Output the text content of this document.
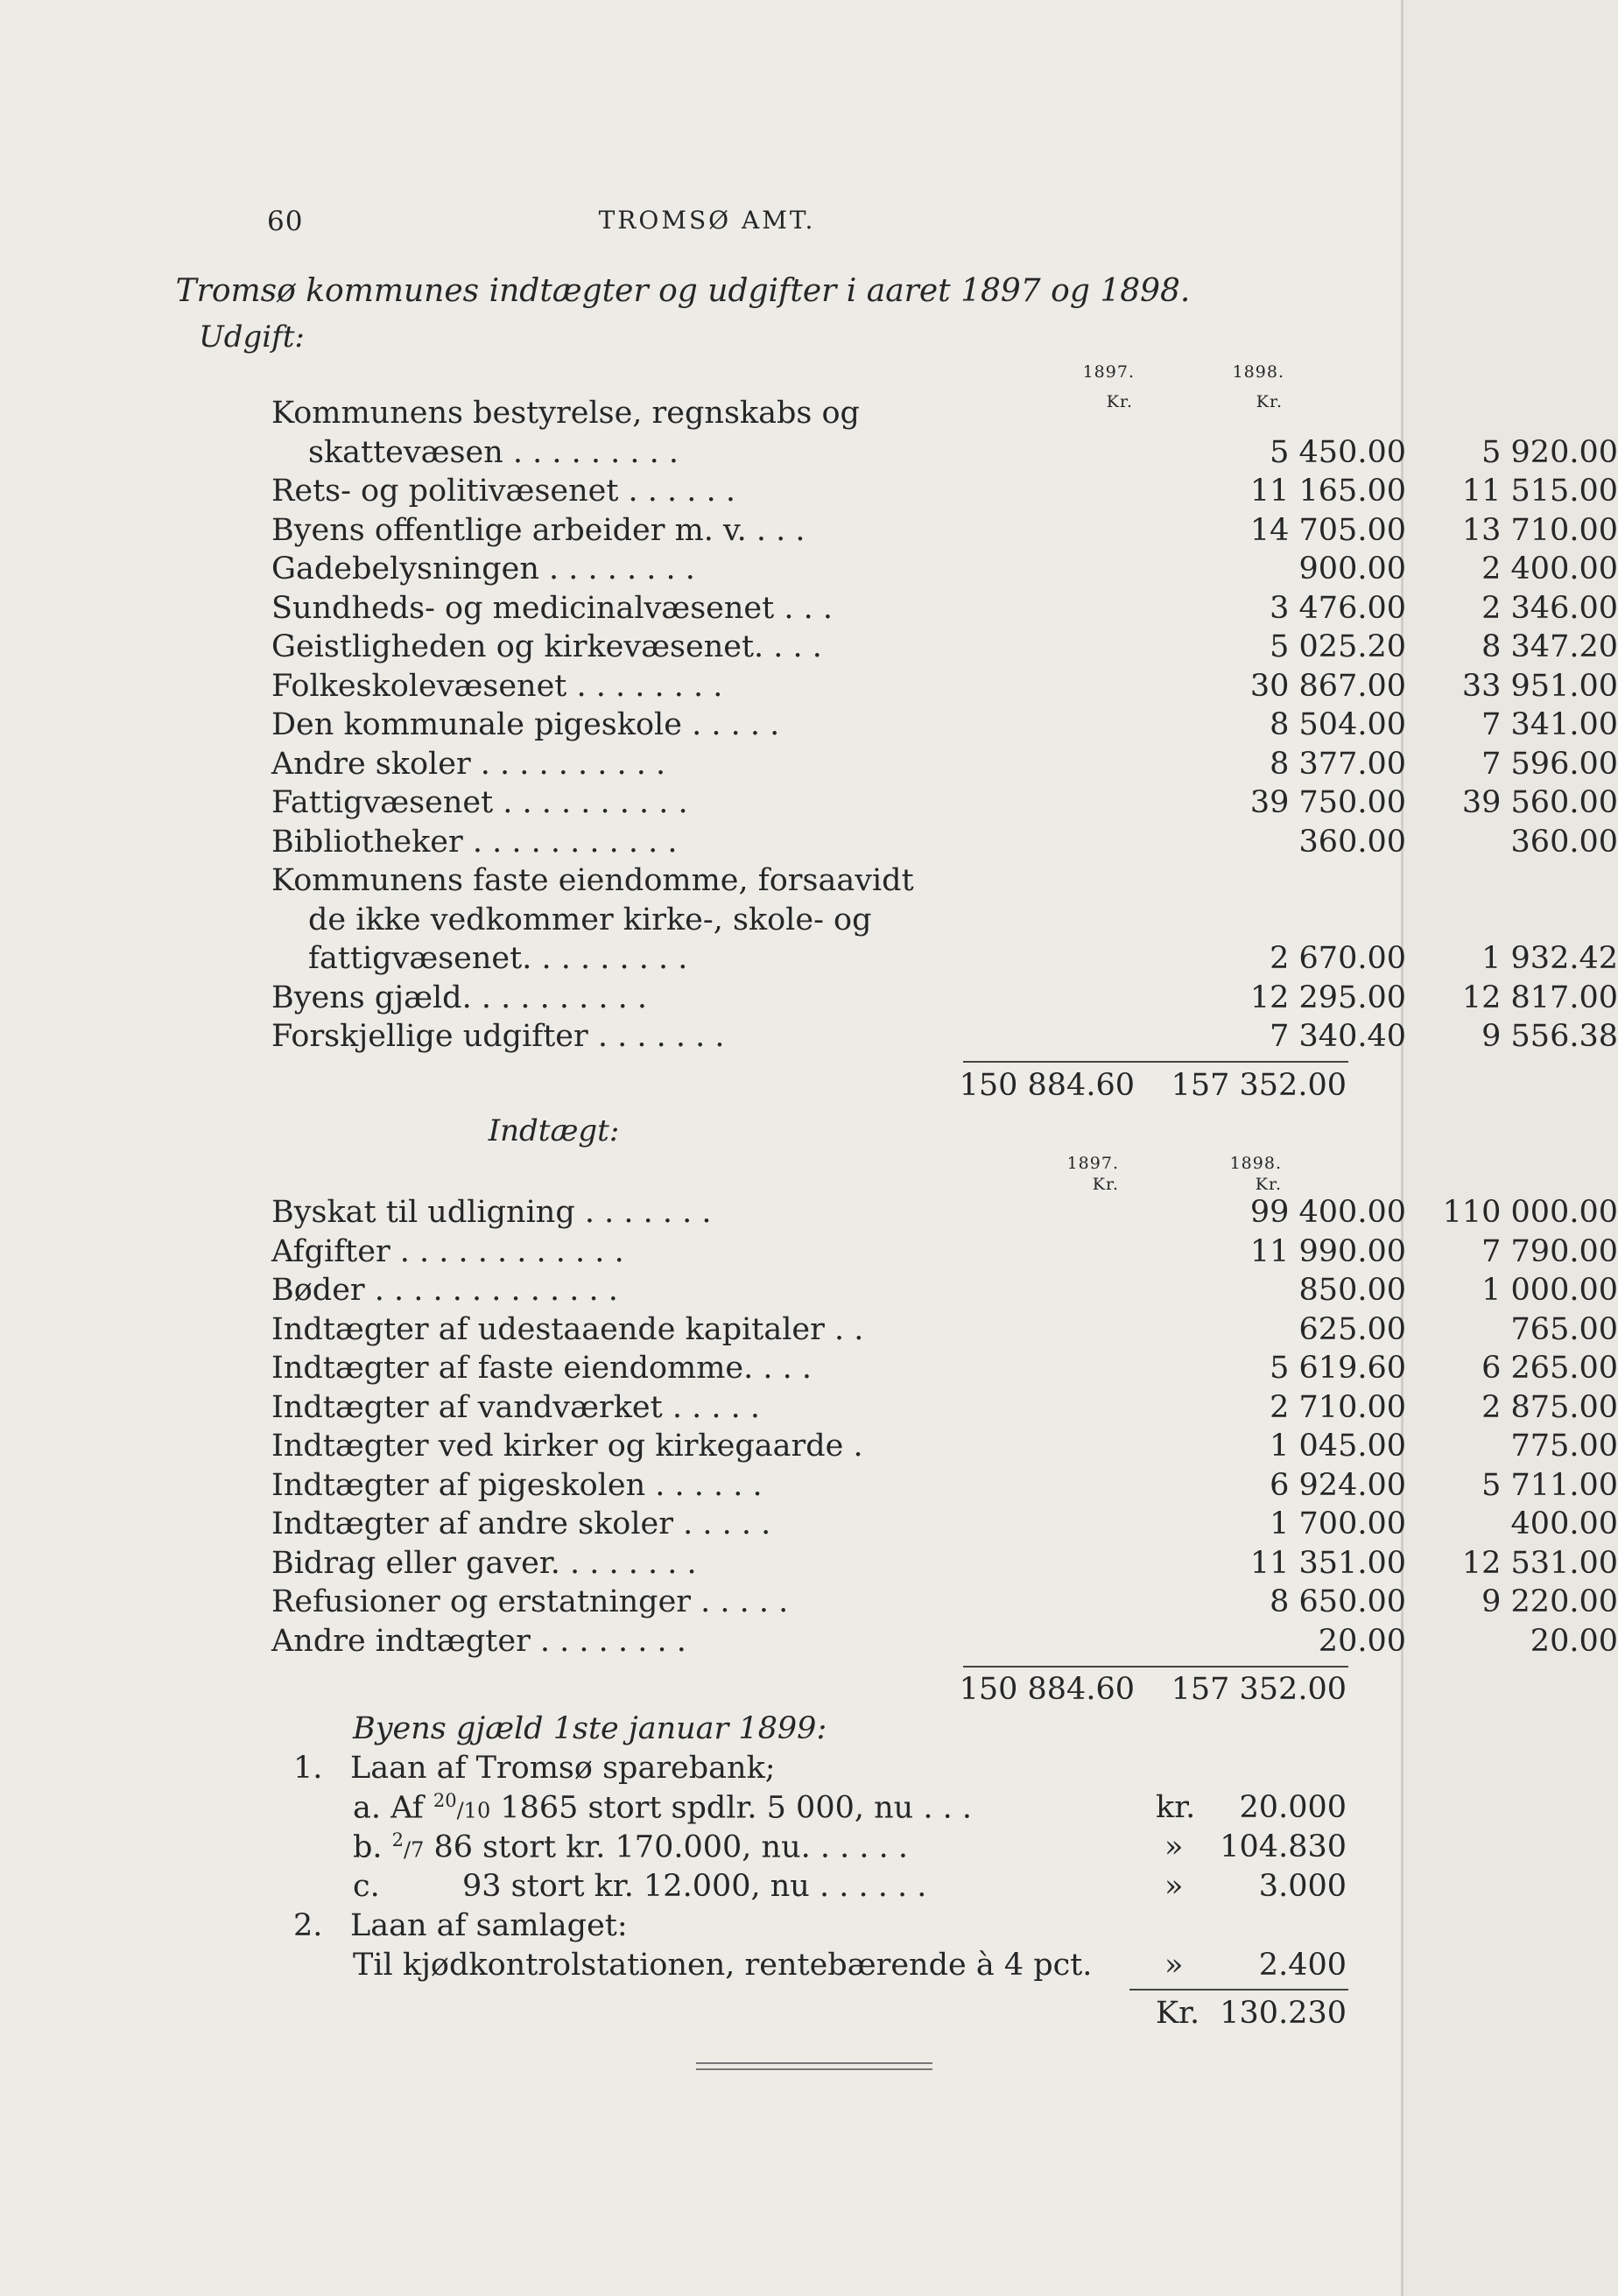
60	TROMSØ AMT.
Tromsø kommunes indtægter og udgifter i aaret 1897 og 1898.
Udgift:
1897.	1898.
Kr.	Kr.
Kommunens bestyrelse, regnskabs og
skattevæsen . . . . . . . . .	5 450.00	5 920.00
Rets- og politivæsenet . . . . . .	11 165.00	11 515.00
Byens offentlige arbeider m. v. . . .	14 705.00	13 710.00
Gadebelysningen . . . . . . . .	900.00	2 400.00
Sundheds- og medicinalvæsenet . . .	3 476.00	2 346.00
Geistligheden og kirkevæsenet. . . .	5 025.20	8 347.20
Folkeskolevæsenet . . . . . . . .	30 867.00	33 951.00
Den kommunale pigeskole . . . . .	8 504.00	7 341.00
Andre skoler . . . . . . . . . .	8 377.00	7 596.00
Fattigvæsenet . . . . . . . . . .	39 750.00	39 560.00
Bibliotheker . . . . . . . . . . .	360.00	360.00
Kommunens faste eiendomme, forsaavidt
de ikke vedkommer kirke-, skole- og
fattigvæsenet. . . . . . . . .	2 670.00	1 932.42
Byens gjæld. . . . . . . . . .	12 295.00	12 817.00
Forskjellige udgifter . . . . . . .	7 340.40	9 556.38
150 884.60	157 352.00
Indtægt:
1897.	1898.
Kr.	Kr.
Byskat til udligning . . . . . . .	99 400.00	110 000.00
Afgifter . . . . . . . . . . . .	11 990.00	7 790.00
Bøder . . . . . . . . . . . . .	850.00	1 000.00
Indtægter af udestaaende kapitaler . .	625.00	765.00
Indtægter af faste eiendomme. . . .	5 619.60	6 265.00
Indtægter af vandværket . . . . .	2 710.00	2 875.00
Indtægter ved kirker og kirkegaarde .	1 045.00	775.00
Indtægter af pigeskolen . . . . . .	6 924.00	5 711.00
Indtægter af andre skoler . . . . .	1 700.00	400.00
Bidrag eller gaver. . . . . . . .	11 351.00	12 531.00
Refusioner og erstatninger . . . . .	8 650.00	9 220.00
Andre indtægter . . . . . . . .	20.00	20.00
150 884.60	157 352.00
Byens gjæld 1ste januar 1899:
1. Laan af Tromsø sparebank;
a. Af $^{20}$/10 1865 stort spdlr. 5 000, nu . . .	kr.	20.000
b. $^2$/7 86 stort kr. 170.000, nu. . . . . .	»	104.830
c.	93 stort kr. 12.000, nu . . . . . .	»	3.000
2. Laan af samlaget:
Til kjødkontrolstationen, rentebærende à 4 pct. »	2.400
Kr. 130.230
